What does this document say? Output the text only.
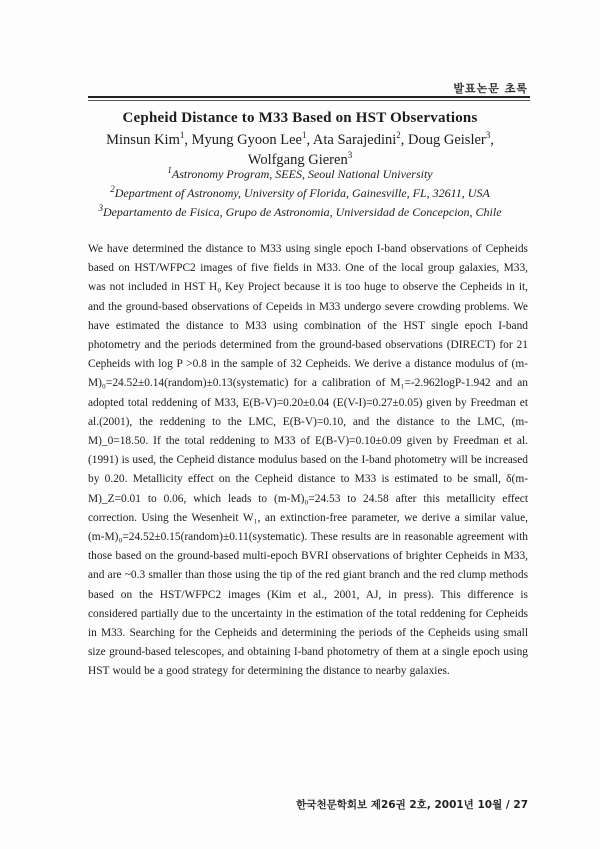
발표논문 초록
Cepheid Distance to M33 Based on HST Observations
Minsun Kim$^1$, Myung Gyoon Lee$^1$, Ata Sarajedini$^2$, Doug Geisler$^3$,
Wolfgang Gieren$^3$
$^1$Astronomy Program, SEES, Seoul National University
$^2$Department of Astronomy, University of Florida, Gainesville, FL, 32611, USA
$^3$Departamento de Fisica, Grupo de Astronomia, Universidad de Concepcion, Chile
We have determined the distance to M33 using single epoch I-band observations of Cepheids based on HST/WFPC2 images of five fields in M33. One of the local group galaxies, M33, was not included in HST H₀ Key Project because it is too huge to observe the Cepheids in it, and the ground-based observations of Cepeids in M33 undergo severe crowding problems. We have estimated the distance to M33 using combination of the HST single epoch I-band photometry and the periods determined from the ground-based observations (DIRECT) for 21 Cepheids with log P >0.8 in the sample of 32 Cepheids. We derive a distance modulus of (m-M)₀=24.52±0.14(random)±0.13(systematic) for a calibration of M₁=-2.962logP-1.942 and an adopted total reddening of M33, E(B-V)=0.20±0.04 (E(V-I)=0.27±0.05) given by Freedman et al.(2001), the reddening to the LMC, E(B-V)=0.10, and the distance to the LMC, (m-M)_0=18.50. If the total reddening to M33 of E(B-V)=0.10±0.09 given by Freedman et al.(1991) is used, the Cepheid distance modulus based on the I-band photometry will be increased by 0.20. Metallicity effect on the Cepheid distance to M33 is estimated to be small, δ(m-M)_Z=0.01 to 0.06, which leads to (m-M)₀=24.53 to 24.58 after this metallicity effect correction. Using the Wesenheit W₁, an extinction-free parameter, we derive a similar value, (m-M)₀=24.52±0.15(random)±0.11(systematic). These results are in reasonable agreement with those based on the ground-based multi-epoch BVRI observations of brighter Cepheids in M33, and are ~0.3 smaller than those using the tip of the red giant branch and the red clump methods based on the HST/WFPC2 images (Kim et al., 2001, AJ, in press). This difference is considered partially due to the uncertainty in the estimation of the total reddening for Cepheids in M33. Searching for the Cepheids and determining the periods of the Cepheids using small size ground-based telescopes, and obtaining I-band photometry of them at a single epoch using HST would be a good strategy for determining the distance to nearby galaxies.
한국천문학회보 제26권 2호, 2001년 10월 / 27
